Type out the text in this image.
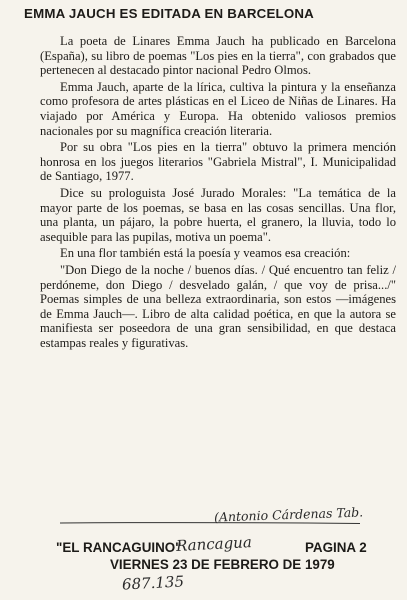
EMMA JAUCH ES EDITADA EN BARCELONA

La poeta de Linares Emma Jauch ha publicado en Barcelona (España), su libro de poemas "Los pies en la tierra", con grabados que pertenecen al destacado pintor nacional Pedro Olmos.

Emma Jauch, aparte de la lírica, cultiva la pintura y la enseñanza como profesora de artes plásticas en el Liceo de Niñas de Linares. Ha viajado por América y Europa. Ha obtenido valiosos premios nacionales por su magnífica creación literaria.

Por su obra "Los pies en la tierra" obtuvo la primera mención honrosa en los juegos literarios "Gabriela Mistral", I. Municipalidad de Santiago, 1977.

Dice su prologuista José Jurado Morales: "La temática de la mayor parte de los poemas, se basa en las cosas sencillas. Una flor, una planta, un pájaro, la pobre huerta, el granero, la lluvia, todo lo asequible para las pupilas, motiva un poema".

En una flor también está la poesía y veamos esa creación:

"Don Diego de la noche / buenos días. / Qué encuentro tan feliz / perdóneme, don Diego / desvelado galán, / que voy de prisa.../" Poemas simples de una belleza extraordinaria, son estos —imágenes de Emma Jauch—. Libro de alta calidad poética, en que la autora se manifiesta ser poseedora de una gran sensibilidad, en que destaca estampas reales y figurativas.

(Antonio Cárdenas Tab.
"EL RANCAGUINO"
Rancagua	PAGINA 2
VIERNES 23 DE FEBRERO DE 1979
687.135
